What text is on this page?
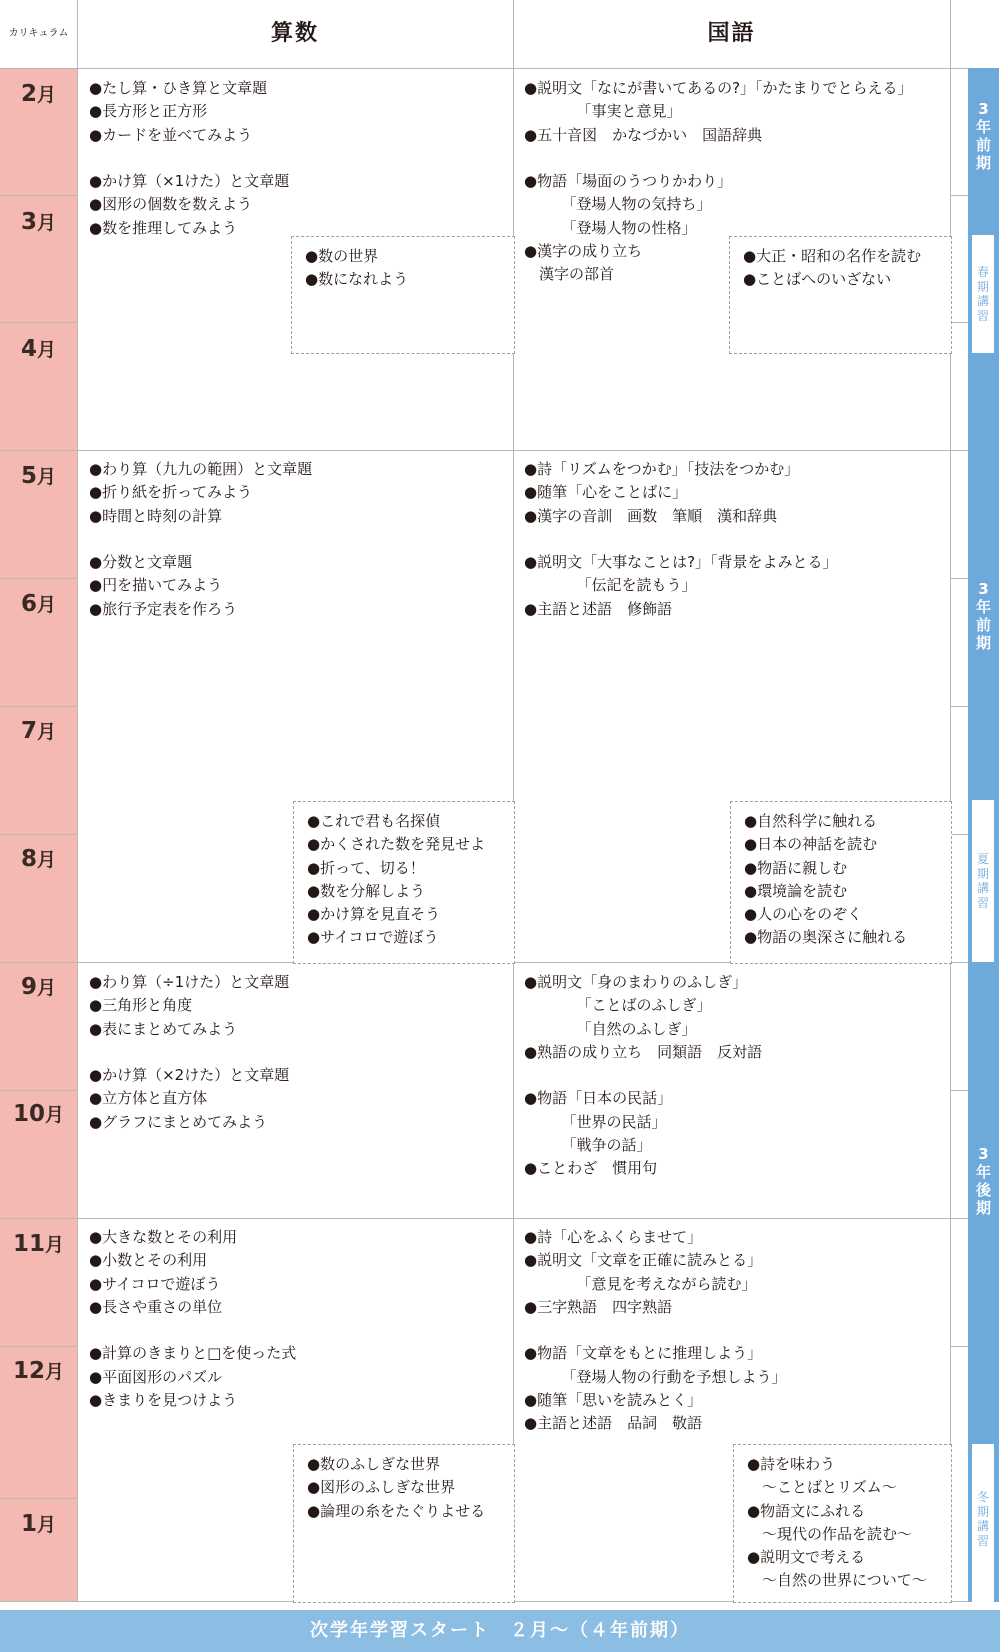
カリキュラム	算数	国語
2月
3月
4月
5月
6月
7月
8月
9月
10月
11月
12月
1月
●たし算・ひき算と文章題
●長方形と正方形
●カードを並べてみよう
●かけ算（×1けた）と文章題
●図形の個数を数えよう
●数を推理してみよう
●数の世界
●数になれよう
●わり算（九九の範囲）と文章題
●折り紙を折ってみよう
●時間と時刻の計算
●分数と文章題
●円を描いてみよう
●旅行予定表を作ろう
●これで君も名探偵
●かくされた数を発見せよ
●折って、切る！
●数を分解しよう
●かけ算を見直そう
●サイコロで遊ぼう
●わり算（÷1けた）と文章題
●三角形と角度
●表にまとめてみよう
●かけ算（×2けた）と文章題
●立方体と直方体
●グラフにまとめてみよう
●大きな数とその利用
●小数とその利用
●サイコロで遊ぼう
●長さや重さの単位
●計算のきまりと□を使った式
●平面図形のパズル
●きまりを見つけよう
●数のふしぎな世界
●図形のふしぎな世界
●論理の糸をたぐりよせる
●説明文「なにが書いてあるの?」「かたまりでとらえる」
　　　　「事実と意見」
●五十音図　かなづかい　国語辞典
●物語「場面のうつりかわり」
　　　「登場人物の気持ち」
　　　「登場人物の性格」
●漢字の成り立ち
　漢字の部首
●大正・昭和の名作を読む
●ことばへのいざない
●詩「リズムをつかむ」「技法をつかむ」
●随筆「心をことばに」
●漢字の音訓　画数　筆順　漢和辞典
●説明文「大事なことは?」「背景をよみとる」
　　　　「伝記を読もう」
●主語と述語　修飾語
●自然科学に触れる
●日本の神話を読む
●物語に親しむ
●環境論を読む
●人の心をのぞく
●物語の奥深さに触れる
●説明文「身のまわりのふしぎ」
　　　　「ことばのふしぎ」
　　　　「自然のふしぎ」
●熟語の成り立ち　同類語　反対語
●物語「日本の民話」
　　　「世界の民話」
　　　「戦争の話」
●ことわざ　慣用句
●詩「心をふくらませて」
●説明文「文章を正確に読みとる」
　　　　「意見を考えながら読む」
●三字熟語　四字熟語
●物語「文章をもとに推理しよう」
　　　「登場人物の行動を予想しよう」
●随筆「思いを読みとく」
●主語と述語　品詞　敬語
●詩を味わう
　～ことばとリズム～
●物語文にふれる
　～現代の作品を読む～
●説明文で考える
　～自然の世界について～
3年前期
春期講習
3年前期
夏期講習
3年後期
冬期講習
次学年学習スタート　２月～（４年前期）
